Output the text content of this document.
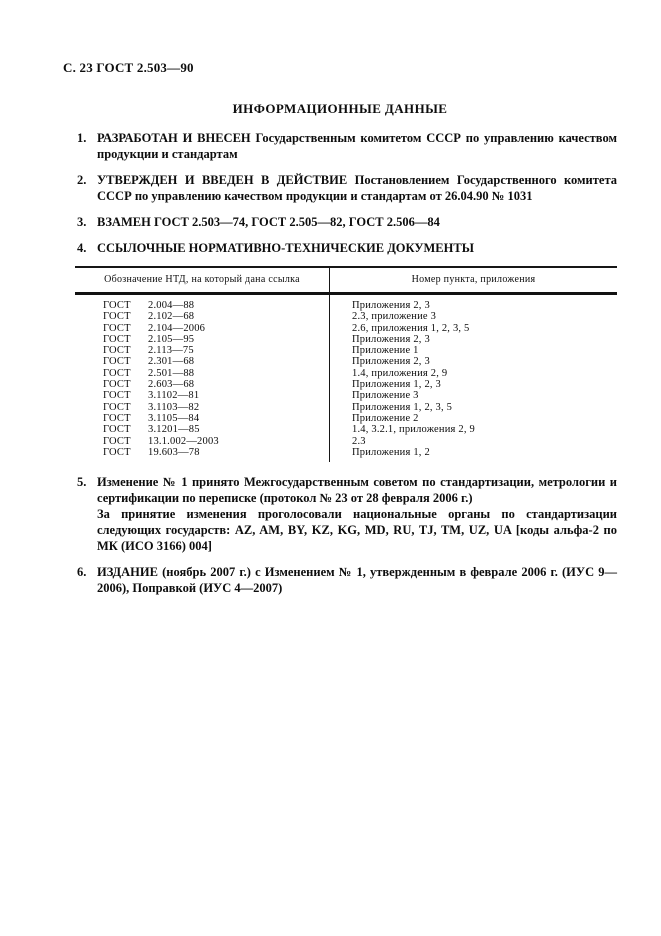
С. 23 ГОСТ 2.503—90
ИНФОРМАЦИОННЫЕ ДАННЫЕ
1. РАЗРАБОТАН И ВНЕСЕН Государственным комитетом СССР по управлению качеством продукции и стандартам

2. УТВЕРЖДЕН И ВВЕДЕН В ДЕЙСТВИЕ Постановлением Государственного комитета СССР по управлению качеством продукции и стандартам от 26.04.90 № 1031

3. ВЗАМЕН ГОСТ 2.503—74, ГОСТ 2.505—82, ГОСТ 2.506—84

4. ССЫЛОЧНЫЕ НОРМАТИВНО-ТЕХНИЧЕСКИЕ ДОКУМЕНТЫ

Обозначение НТД, на который дана ссылка	Номер пункта, приложения
ГОСТ 2.004—88	Приложения 2, 3
ГОСТ 2.102—68	2.3, приложение 3
ГОСТ 2.104—2006	2.6, приложения 1, 2, 3, 5
ГОСТ 2.105—95	Приложения 2, 3
ГОСТ 2.113—75	Приложение 1
ГОСТ 2.301—68	Приложения 2, 3
ГОСТ 2.501—88	1.4, приложения 2, 9
ГОСТ 2.603—68	Приложения 1, 2, 3
ГОСТ 3.1102—81	Приложение 3
ГОСТ 3.1103—82	Приложения 1, 2, 3, 5
ГОСТ 3.1105—84	Приложение 2
ГОСТ 3.1201—85	1.4, 3.2.1, приложения 2, 9
ГОСТ 13.1.002—2003	2.3
ГОСТ 19.603—78	Приложения 1, 2
5. Изменение № 1 принято Межгосударственным советом по стандартизации, метрологии и сертификации по переписке (протокол № 23 от 28 февраля 2006 г.)

За принятие изменения проголосовали национальные органы по стандартизации следующих государств: AZ, AM, BY, KZ, KG, MD, RU, TJ, TM, UZ, UA [коды альфа-2 по МК (ИСО 3166) 004]

6. ИЗДАНИЕ (ноябрь 2007 г.) с Изменением № 1, утвержденным в феврале 2006 г. (ИУС 9—2006), Поправкой (ИУС 4—2007)
